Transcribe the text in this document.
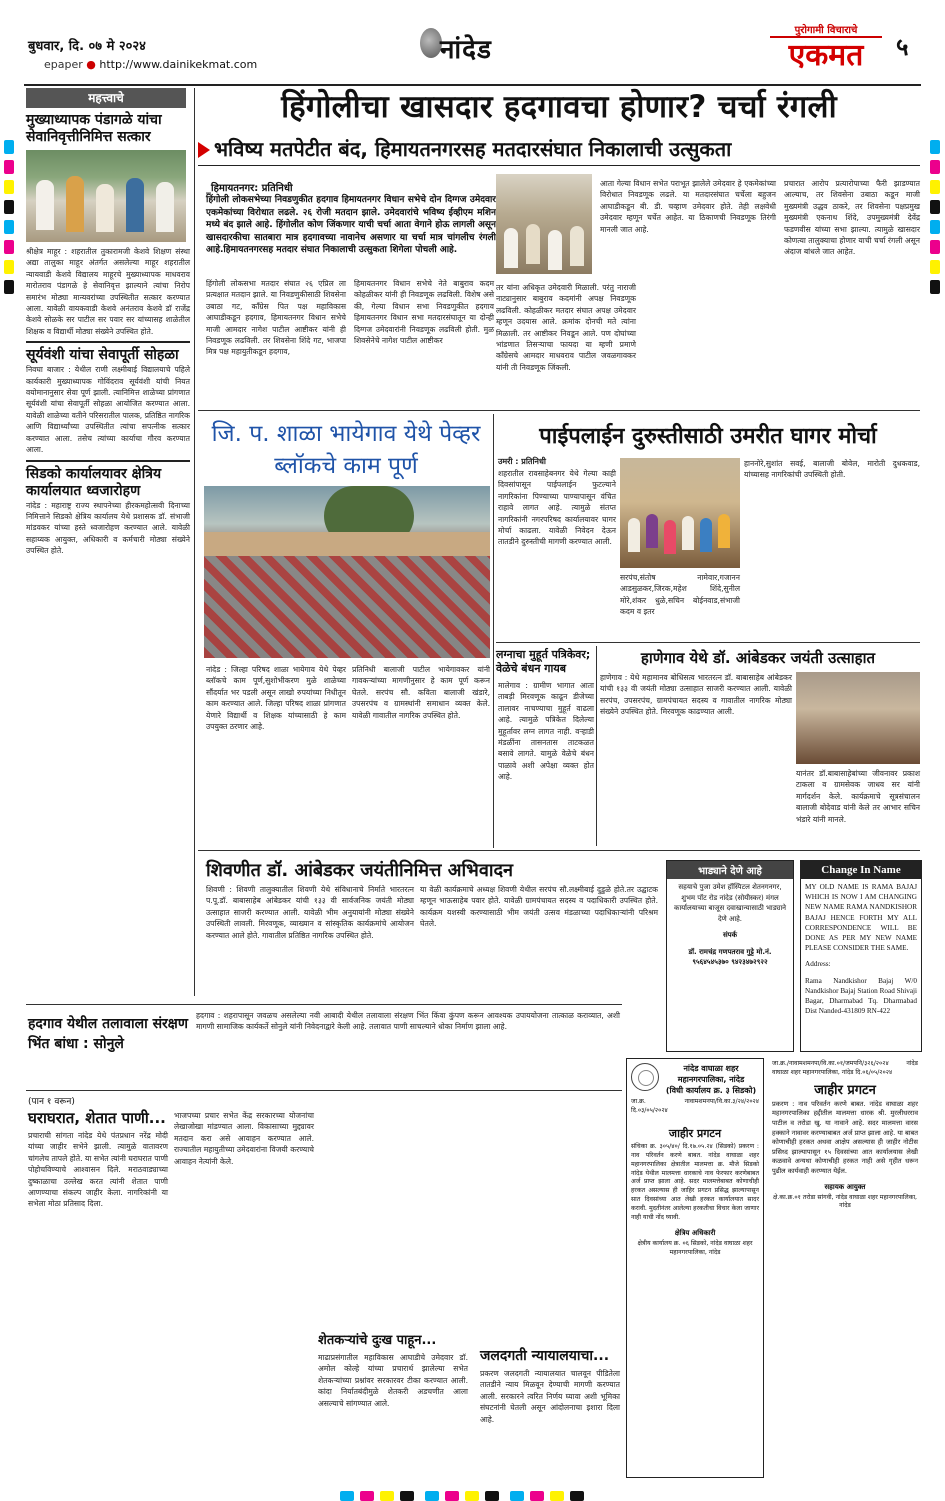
बुधवार, दि. ०७ मे २०२४
epaper ● http://www.dainikekmat.com	नांदेड
पुरोगामी विचाराचे
एकमत	५

महत्त्वाचे
मुख्याध्यापक पंडागळे यांचा सेवानिवृत्तीनिमित्त सत्कार
श्रीक्षेत्र माहूर : शहरातील तुकारामजी केशवे शिक्षण संस्था अद्या तालुका माहूर अंतर्गत असलेल्या माहूर शहरातील न्यायवाडी केशवे विद्यालय माहूरचे मुख्याध्यापक माधवराव मारोतराव पंडागळे हे सेवानिवृत्त झाल्याने त्यांचा निरोप समारंभ मोठ्या मान्यवरांच्या उपस्थितीत सत्कार करण्यात आला. यावेळी वायकवाडी केशवे अनंतराव केशवे डॉ राजेंद्र केशवे सोळके सर पाटील सर पवार सर यांच्यासह शाळेतील शिक्षक व विद्यार्थी मोठ्या संख्येने उपस्थित होते.
सूर्यवंशी यांचा सेवापूर्ती सोहळा
निवघा बाजार : येथील राणी लक्ष्मीबाई विद्यालयाचे पहिले कार्यकारी मुख्याध्यापक गोविंदराव सूर्यवंशी यांची नियत वयोमानानुसार सेवा पूर्ण झाली. त्यानिमित्त शाळेच्या प्रांगणात सूर्यवंशी यांचा सेवापूर्ती सोहळा आयोजित करण्यात आला. यावेळी शाळेच्या वतीने परिसरातील पालक, प्रतिष्ठित नागरिक आणि विद्यार्थ्यांच्या उपस्थितीत त्यांचा सपत्नीक सत्कार करण्यात आला. तसेच त्यांच्या कार्याचा गौरव करण्यात आला.
सिडको कार्यालयावर क्षेत्रिय कार्यालयात ध्वजारोहण
नांदेड : महाराष्ट्र राज्य स्थापनेच्या हीरकमहोत्सवी दिनाच्या निमित्ताने सिडको क्षेत्रिय कार्यालय येथे प्रशासक डॉ. संभाजी मांडवकर यांच्या हस्ते ध्वजारोहण करण्यात आले. यावेळी सहाय्यक आयुक्त, अधिकारी व कर्मचारी मोठ्या संख्येने उपस्थित होते.
हिंगोलीचा खासदार हदगावचा होणार? चर्चा रंगली
भविष्य मतपेटीत बंद, हिमायतनगरसह मतदारसंघात निकालाची उत्सुकता
_हिमायतनगर: प्रतिनिधी
हिंगोली लोकसभेच्या निवडणुकीत हदगाव हिमायतनगर विधान सभेचे दोन दिग्गज उमेदवार एकमेकांच्या विरोधात लढले. २६ रोजी मतदान झाले. उमेदवारांचे भविष्य ईव्हीएम मशिन मध्ये बंद झाले आहे. हिंगोलीत कोण जिंकणार याची चर्चा आता वेगाने होऊ लागली असून खासदारकीचा सातबारा मात्र हदगावच्या नावानेच असणार या चर्चा मात्र चांगलीच रंगली आहे.हिमायतनगरसह मतदार संघात निकालाची उत्सुकता शिगेला पोचली आहे.
हिंगोली लोकसभा मतदार संघात २६ एप्रिल ला प्रत्यक्षात मतदान झाले. या निवडणुकीसाठी शिवसेना उबाठा गट, काँग्रेस पित पक्ष महाविकास आघाडीकडून हदगाव, हिमायतनगर विधान सभेचे माजी आमदार नागेश पाटील आष्टीकर यांनी ही निवडणूक लढविली. तर शिवसेना शिंदे गट, भाजपा मित्र पक्ष महायुतीकडून हदगाव,
हिमायतनगर विधान सभेचे नेते बाबुराव कदम कोहळीकर यांनी ही निवडणूक लढविली. विशेष असे की, गेल्या विधान सभा निवडणुकीत हदगाव हिमायतनगर विधान सभा मतदारसंघातून या दोन्ही दिग्गज उमेदवारांनी निवडणूक लढविली होती. मुळ शिवसेनेचे नागेश पाटील आष्टीकर
आता गेल्या विधान सभेत पराभूत झालेले उमेदवार हे एकमेकांच्या विरोधात निवडणूक लढले. या मतदारसंघात चर्चेला बहुजन आघाडीकडून बी. डी. चव्हाण उमेदवार होते. तेही लक्षवेधी उमेदवार म्हणून चर्चेत आहेत. या ठिकाणची निवडणूक तिरंगी मानली जात आहे.
तर यांना अधिकृत उमेदवारी मिळाली. परंतु नाराजी नाट्यानुसार बाबुराव कदमांनी अपक्ष निवडणूक लढविली. कोहळीकर मतदार संघात अपक्ष उमेदवार म्हणून उदयास आले. क्रमांक दोनची मते त्यांना मिळाली. तर आष्टीकर निवडून आले. पण दोघांच्या भांडणात तिसऱ्याचा फायदा या म्हणी प्रमाणे काँग्रेसचे आमदार माधवराव पाटील जवळगावकर यांनी ती निवडणूक जिंकली.
प्रचारात आरोप प्रत्यारोपाच्या फैरी झाडण्यात आल्याच, तर शिवसेना उबाठा कडून माजी मुख्यमंत्री उद्धव ठाकरे, तर शिवसेना पक्षप्रमुख मुख्यमंत्री एकनाथ शिंदे, उपमुख्यमंत्री देवेंद्र फडणवीस यांच्या सभा झाल्या. त्यामुळे खासदार कोणत्या तालुक्याचा होणार याची चर्चा रंगली असून अंदाज बांधले जात आहेत.
जि. प. शाळा भायेगाव येथे पेव्हर ब्लॉकचे काम पूर्ण
नांदेड : जिल्हा परिषद शाळा भायेगाव येथे पेव्हर ब्लॉकचे काम पूर्ण,सुशोभीकरण मुळे शाळेच्या सौंदर्यात भर पडली असून लाखो रुपयांच्या निधीतून काम करण्यात आले. जिल्हा परिषद शाळा प्रांगणात येणारे विद्यार्थी व शिक्षक यांच्यासाठी हे काम उपयुक्त ठरणार आहे.
प्रतिनिधी बालाजी पाटील भायेगावकर यांनी गावकऱ्यांच्या मागणीनुसार हे काम पूर्ण करून घेतले. सरपंच सौ. कविता बालाजी खंडारे, उपसरपंच व ग्रामस्थांनी समाधान व्यक्त केले. यावेळी गावातील नागरिक उपस्थित होते.
पाईपलाईन दुरुस्तीसाठी उमरीत घागर मोर्चा
उमरी : प्रतिनिधी
शहरातील रावसाहेबनगर येथे गेल्या काही दिवसांपासून पाईपलाईन फुटल्याने नागरिकांना पिण्याच्या पाण्यापासून वंचित राहावे लागत आहे. त्यामुळे संतप्त नागरिकांनी नगरपरिषद कार्यालयावर घागर मोर्चा काढला. यावेळी निवेदन देऊन तातडीने दुरुस्तीची मागणी करण्यात आली.
सरपंच,संतोष नामेवार,गजानन आडसुळकर,जिरक,महेश शिंदे,सुनील मोरे,शंकर धुळे,सचिन बोईनवाड,संभाजी कदम व इतर
हाननोरे,सुशांत सवई, बालाजी बोवेल, मारोती दुधकवाड, यांच्यासह नागरिकांची उपस्थिती होती.
लग्नाचा मुहूर्त पत्रिकेवर; वेळेचे बंधन गायब
मालेगाव : ग्रामीण भागात आता ताबड़ी मिरवणूक काढून डीजेच्या तालावर नाचण्याचा मुहूर्त वाढला आहे. त्यामुळे पत्रिकेत दिलेल्या मुहूर्तावर लग्न लागत नाही. वऱ्हाडी मंडळींना तासनतास ताटकळत बसावे लागते. यामुळे वेळेचे बंधन पाळावे अशी अपेक्षा व्यक्त होत आहे.
हाणेगाव येथे डॉ. आंबेडकर जयंती उत्साहात
हाणेगाव : येथे महामानव बोधिसत्व भारतरत्न डॉ. बाबासाहेब आंबेडकर यांची १३३ वी जयंती मोठ्या उत्साहात साजरी करण्यात आली. यावेळी सरपंच, उपसरपंच, ग्रामपंचायत सदस्य व गावातील नागरिक मोठ्या संख्येने उपस्थित होते. मिरवणूक काढण्यात आली.
यानंतर डॉ.बाबासाहेबांच्या जीवनावर प्रकाश टाकला व ग्रामसेवक जाधव सर यांनी मार्गदर्शन केले. कार्यक्रमाचे सूत्रसंचालन बालाजी बोदेवाड यांनी केले तर आभार सचिन भंडारे यांनी मानले.
शिवणीत डॉ. आंबेडकर जयंतीनिमित्त अभिवादन
शिवणी : शिवणी तालुक्यातील शिवणी येथे संविधानाचे निर्माते भारतरत्न प.पू.डॉ. बाबासाहेब आंबेडकर यांची १३३ वी सार्वजनिक जयंती मोठ्या उत्साहात साजरी करण्यात आली. यावेळी भीम अनुयायांनी मोठ्या संख्येने उपस्थिती लावली. मिरवणूक, व्याख्यान व सांस्कृतिक कार्यक्रमांचे आयोजन करण्यात आले होते. गावातील प्रतिष्ठित नागरिक उपस्थित होते.
या वेळी कार्यक्रमाचे अध्यक्ष शिवणी येथील सरपंच सौ.लक्ष्मीबाई दुडुळे होते.तर उद्घाटक म्हणून भाऊसाहेब पवार होते. यावेळी ग्रामपंचायत सदस्य व पदाधिकारी उपस्थित होते. कार्यक्रम यशस्वी करण्यासाठी भीम जयंती उत्सव मंडळाच्या पदाधिकाऱ्यांनी परिश्रम घेतले.
भाड्याने देणे आहे
सहयाचे पुजा उमेश हॉस्पिटल शेतनगनगर, शुभम पॉट रोड नांदेड (सोयीस्कर) मंगल कार्यालयाच्या बाजूस दवाखान्यासाठी भाड्याने देणे आहे.
संपर्क
डॉ. रामचंद्र गणपतराव गुट्टे मो.नं. ९५६४५४५३७० ९४२३४७२९२२
Change In Name
MY OLD NAME IS RAMA BAJAJ WHICH IS NOW I AM CHANGING NEW NAME RAMA NANDKISHOR BAJAJ HENCE FORTH MY ALL CORRESPONDENCE WILL BE DONE AS PER MY NEW NAME PLEASE CONSIDER THE SAME.
Address:
Rama Nandkishor Bajaj W/0 Nandkishor Bajaj Station Road Shivaji Bagar, Dharmabad Tq. Dharmabad Dist Nanded-431809 RN-422
हदगाव येथील तलावाला संरक्षण भिंत बांधा : सोनुले
हदगाव : शहरापासून जवळच असलेल्या नवी आबादी येथील तलावाला संरक्षण भिंत किंवा कुंपण करून आवश्यक उपाययोजना तात्काळ कराव्यात, अशी मागणी सामाजिक कार्यकर्ते सोनुले यांनी निवेदनाद्वारे केली आहे. तलावात पाणी साचल्याने धोका निर्माण झाला आहे.
(पान १ वरून)
घराघरात, शेतात पाणी...
प्रचाराची सांगता नांदेड येथे पंतप्रधान नरेंद्र मोदी यांच्या जाहीर सभेने झाली. त्यामुळे वातावरण चांगलेच तापले होते. या सभेत त्यांनी घराघरात पाणी पोहोचविण्याचे आश्वासन दिले. मराठवाड्याच्या दुष्काळाचा उल्लेख करत त्यांनी शेतात पाणी आणण्याचा संकल्प जाहीर केला. नागरिकांनी या सभेला मोठा प्रतिसाद दिला.
भाजपच्या प्रचार सभेत केंद्र सरकारच्या योजनांचा लेखाजोखा मांडण्यात आला. विकासाच्या मुद्द्यावर मतदान करा असे आवाहन करण्यात आले. राज्यातील महायुतीच्या उमेदवारांना विजयी करण्याचे आवाहन नेत्यांनी केले.
शेतकऱ्यांचे दुःख पाहून...
माढाप्रसंगातील महाविकास आघाडीचे उमेदवार डॉ. अमोल कोल्हे यांच्या प्रचारार्थ झालेल्या सभेत शेतकऱ्यांच्या प्रश्नांवर सरकारवर टीका करण्यात आली. कांदा निर्यातबंदीमुळे शेतकरी अडचणीत आला असल्याचे सांगण्यात आले.
जलदगती न्यायालयाचा...
प्रकरण जलदगती न्यायालयात चालवून पीडितेला तातडीने न्याय मिळवून देण्याची मागणी करण्यात आली. सरकारने त्वरित निर्णय घ्यावा अशी भूमिका संघटनांनी घेतली असून आंदोलनाचा इशारा दिला आहे.
नांदेड वाघाळा शहर महानगरपालिका, नांदेड
(विधी कार्यालय क्र. ३ सिडको)
जा.क्र. नावामशमनपा/वि.का.३/२४/२०२४ दि.०३/०५/२०२४
जाहीर प्रगटन
संचिका क्र. ३०५/४०/ दि.१७.०५.२४ (सिडको) प्रकरण : नाव परिवर्तन करणे बाबत. नांदेड वाघाळा शहर महानगरपालिका क्षेत्रातील मालमत्ता क्र. मौजे सिडको नांदेड येथील मालमत्ता धारकाचे नाव फेरफार करणेबाबत अर्ज प्राप्त झाला आहे. सदर मालमत्तेबाबत कोणाचीही हरकत असल्यास ही जाहिर प्रगटन प्रसिद्ध झाल्यापासून सात दिवसांच्या आत लेखी हरकत कार्यालयात सादर करावी. मुदतीनंतर आलेल्या हरकतीचा विचार केला जाणार नाही याची नोंद घ्यावी.
क्षेत्रिय अधिकारी
क्षेत्रीय कार्यालय क्र. ०६ सिडको, नांदेड वाघाळा शहर महानगरपालिका, नांदेड
जा.क्र./नावामशमनपा/वि.का.०१/जमपनि/३२६/२०२४ नांदेड वाघाळा शहर महानगरपालिका, नांदेड दि.०६/०५/२०२४
जाहीर प्रगटन
प्रकरण : नाव परिवर्तन करणे बाबत. नांदेड वाघाळा शहर महानगरपालिका हद्दीतील मालमत्ता धारक श्री. मुरलीधरराव पाटील व तरोडा खु. या नावाने आहे. सदर मालमत्ता वारस हक्काने नावावर करण्याबाबत अर्ज प्राप्त झाला आहे. या बाबत कोणाचीही हरकत अथवा आक्षेप असल्यास ही जाहीर नोटीस प्रसिध्द झाल्यापासून १५ दिवसांच्या आत कार्यालयास लेखी कळवावे अन्यथा कोणाचीही हरकत नाही असे गृहीत धरून पुढील कार्यवाही करण्यात येईल.
सहायक आयुक्त
क्षे.का.क्र.०१ तरोडा सांगवी, नांदेड वाघाळा शहर महानगरपालिका, नांदेड
